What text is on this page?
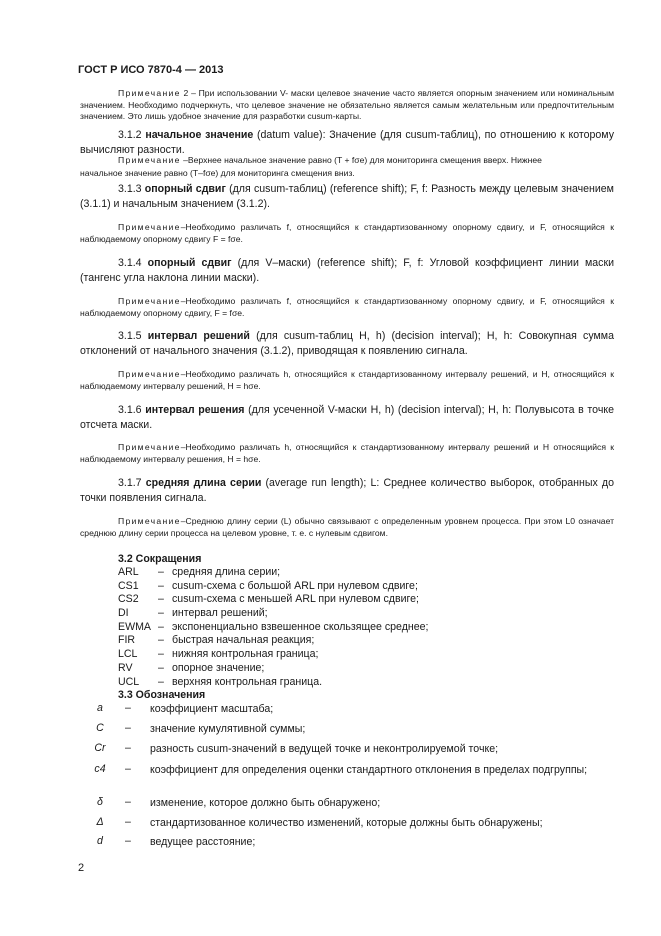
ГОСТ Р ИСО 7870-4 — 2013
Примечание 2 – При использовании V- маски целевое значение часто является опорным значением или номинальным значением. Необходимо подчеркнуть, что целевое значение не обязательно является самым желательным или предпочтительным значением. Это лишь удобное значение для разработки cusum-карты.
3.1.2 начальное значение (datum value): Значение (для cusum-таблиц), по отношению к которому вычисляют разности.
Примечание –Верхнее начальное значение равно (T + fσe) для мониторинга смещения вверх. Нижнее
начальное значение равно (T–fσe) для мониторинга смещения вниз.
3.1.3 опорный сдвиг (для cusum-таблиц) (reference shift); F, f: Разность между целевым значением (3.1.1) и начальным значением (3.1.2).
Примечание–Необходимо различать f, относящийся к стандартизованному опорному сдвигу, и F, относящийся к наблюдаемому опорному сдвигу F = fσe.
3.1.4 опорный сдвиг (для V–маски) (reference shift); F, f: Угловой коэффициент линии маски (тангенс угла наклона линии маски).
Примечание–Необходимо различать f, относящийся к стандартизованному опорному сдвигу, и F, относящийся к наблюдаемому опорному сдвигу, F = fσe.
3.1.5 интервал решений (для cusum-таблиц H, h) (decision interval); H, h: Совокупная сумма отклонений от начального значения (3.1.2), приводящая к появлению сигнала.
Примечание–Необходимо различать h, относящийся к стандартизованному интервалу решений, и H, относящийся к наблюдаемому интервалу решений, H = hσe.
3.1.6 интервал решения (для усеченной V-маски H, h) (decision interval); H, h: Полувысота в точке отсчета маски.
Примечание–Необходимо различать h, относящийся к стандартизованному интервалу решений и H относящийся к наблюдаемому интервалу решения, H = hσe.
3.1.7 средняя длина серии (average run length); L: Среднее количество выборок, отобранных до точки появления сигнала.
Примечание–Среднюю длину серии (L) обычно связывают с определенным уровнем процесса. При этом L0 означает среднюю длину серии процесса на целевом уровне, т. е. с нулевым сдвигом.
3.2 Сокращения
ARL – средняя длина серии;
CS1 – cusum-схема с большой ARL при нулевом сдвиге;
CS2 – cusum-схема с меньшей ARL при нулевом сдвиге;
DI	– интервал решений;
EWMA – экспоненциально взвешенное скользящее среднее;
FIR – быстрая начальная реакция;
LCL – нижняя контрольная граница;
RV – опорное значение;
UCL – верхняя контрольная граница.
3.3 Обозначения
a	– коэффициент масштаба;
C	– значение кумулятивной суммы;
Cr	– разность cusum-значений в ведущей точке и неконтролируемой точке;
c4	– коэффициент для определения оценки стандартного отклонения в пределах подгруппы;
δ	– изменение, которое должно быть обнаружено;
Δ	– стандартизованное количество изменений, которые должны быть обнаружены;
d	– ведущее расстояние;
2
